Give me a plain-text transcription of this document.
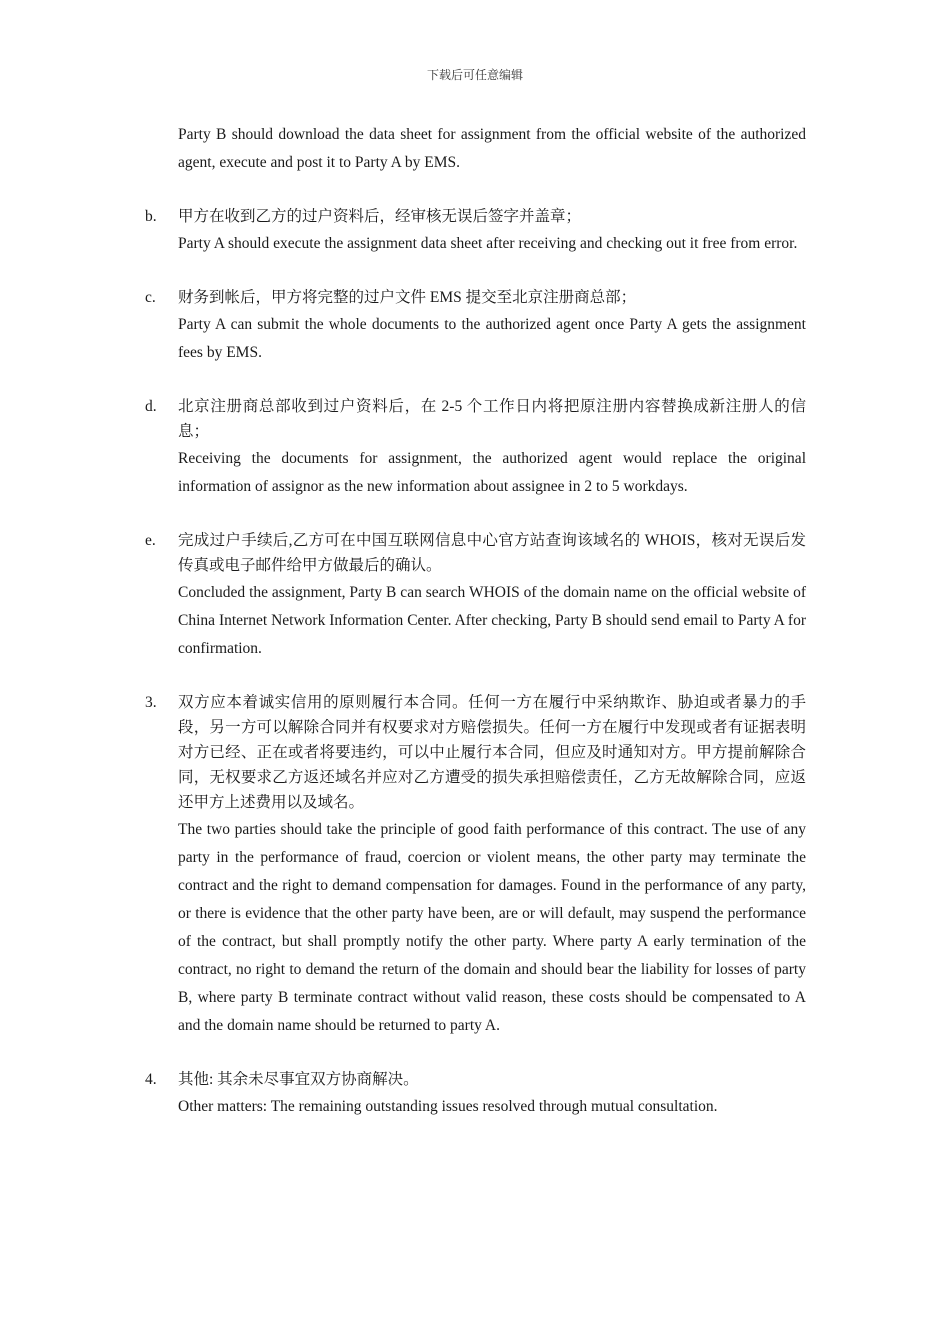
下载后可任意编辑

Party B should download the data sheet for assignment from the official website of the authorized agent, execute and post it to Party A by EMS.

b.	甲方在收到乙方的过户资料后，经审核无误后签字并盖章；

Party A should execute the assignment data sheet after receiving and checking out it free from error.

c.	财务到帐后，甲方将完整的过户文件 EMS 提交至北京注册商总部；

Party A can submit the whole documents to the authorized agent once Party A gets the assignment fees by EMS.

d.	北京注册商总部收到过户资料后，在 2-5 个工作日内将把原注册内容替换成新注册人的信息；

Receiving the documents for assignment, the authorized agent would replace the original information of assignor as the new information about assignee in 2 to 5 workdays.

e.	完成过户手续后,乙方可在中国互联网信息中心官方站查询该域名的 WHOIS，核对无误后发传真或电子邮件给甲方做最后的确认。

Concluded the assignment, Party B can search WHOIS of the domain name on the official website of China Internet Network Information Center. After checking, Party B should send email to Party A for confirmation.

3.	双方应本着诚实信用的原则履行本合同。任何一方在履行中采纳欺诈、胁迫或者暴力的手段，另一方可以解除合同并有权要求对方赔偿损失。任何一方在履行中发现或者有证据表明对方已经、正在或者将要违约，可以中止履行本合同，但应及时通知对方。甲方提前解除合同，无权要求乙方返还域名并应对乙方遭受的损失承担赔偿责任，乙方无故解除合同，应返还甲方上述费用以及域名。

The two parties should take the principle of good faith performance of this contract. The use of any party in the performance of fraud, coercion or violent means, the other party may terminate the contract and the right to demand compensation for damages. Found in the performance of any party, or there is evidence that the other party have been, are or will default, may suspend the performance of the contract, but shall promptly notify the other party. Where party A early termination of the contract, no right to demand the return of the domain and should bear the liability for losses of party B, where party B terminate contract without valid reason, these costs should be compensated to A and the domain name should be returned to party A.

4.	其他: 其余未尽事宜双方协商解决。

Other matters: The remaining outstanding issues resolved through mutual consultation.
